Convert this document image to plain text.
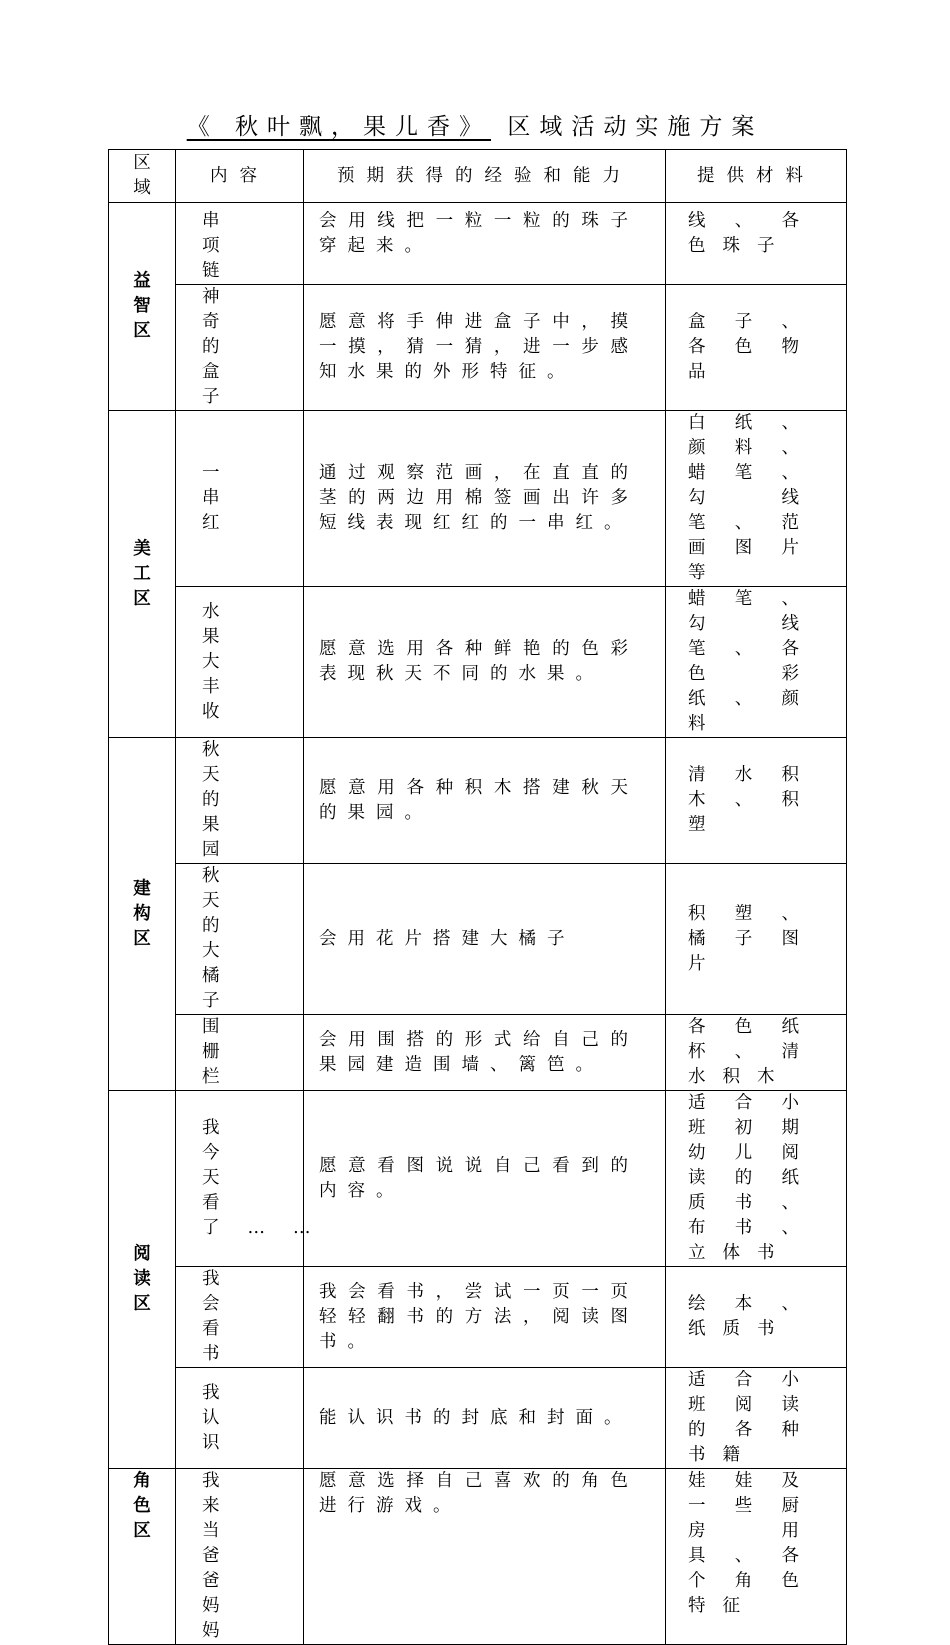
《 秋叶飘，果儿香》 区域活动实施方案
区域	内容	预期获得的经验和能力	提供材料
益智区	串项链	会用线把一粒一粒的珠子穿起来。	线、各色珠子

	神奇的盒子	愿意将手伸进盒子中，摸一摸，猜一猜，进一步感知水果的外形特征。	盒子、各色物品

美工区	一串红	通过观察范画，在直直的茎的两边用棉签画出许多短线表现红红的一串红。	白纸、颜料、蜡笔、勾线笔、范画图片等

	水果大丰收	愿意选用各种鲜艳的色彩表现秋天不同的水果。	蜡笔、勾线笔、各色彩纸、颜料

建构区	秋天的果园	愿意用各种积木搭建秋天的果园。	清水积木、积塑

	秋天的大橘子	会用花片搭建大橘子	积塑、橘子图片

	围栅栏	会用围搭的形式给自己的果园建造围墙、篱笆。	各色纸杯、清水积木

阅读区	我今天看了……	愿意看图说说自己看到的内容。	适合小班初期幼儿阅读的纸质书、布书、立体书

	我会看书	我会看书，尝试一页一页轻轻翻书的方法，阅读图书。	绘本、纸质书

	我认识	能认识书的封底和封面。	适合小班阅读的各种书籍

角色区	我来当爸爸妈妈	愿意选择自己喜欢的角色进行游戏。	娃娃及一些厨房用具、各个角色特征
